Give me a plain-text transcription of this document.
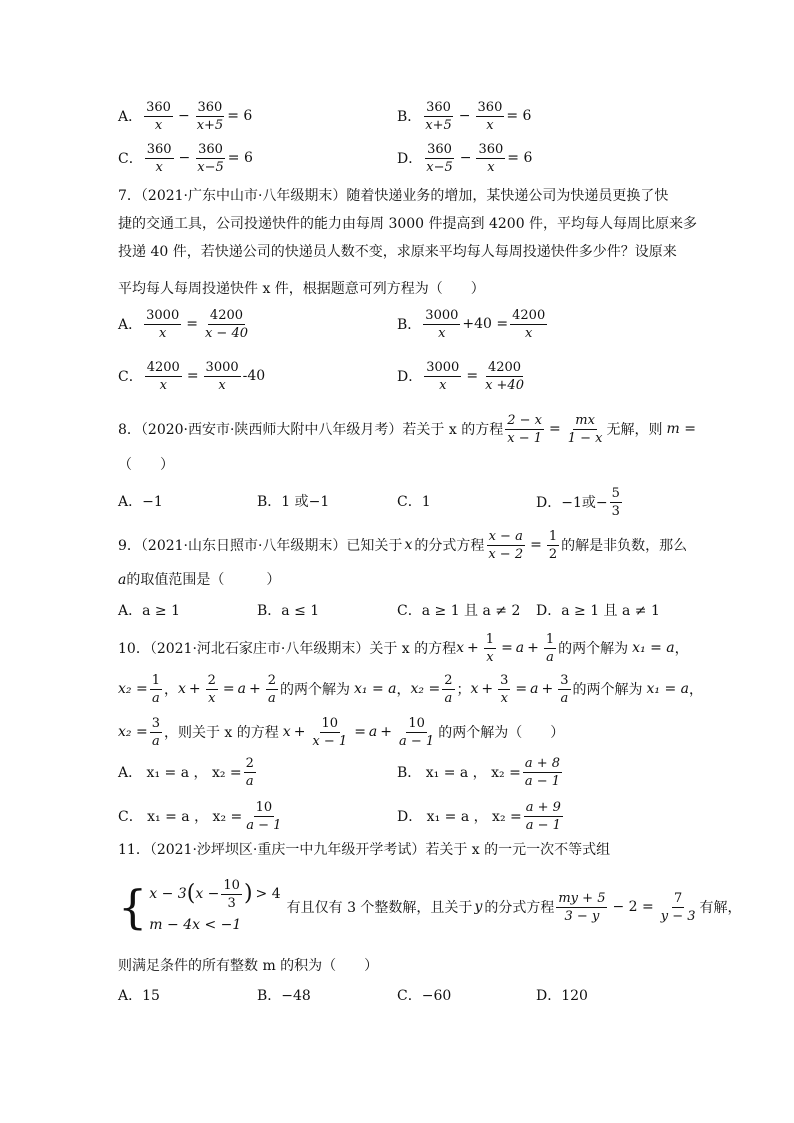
A． $\frac{360}{x} - \frac{360}{x+5} = 6$	B． $\frac{360}{x+5} - \frac{360}{x} = 6$
C． $\frac{360}{x} - \frac{360}{x-5} = 6$	D． $\frac{360}{x-5} - \frac{360}{x} = 6$
7．（2021·广东中山市·八年级期末）随着快递业务的增加，某快递公司为快递员更换了快
捷的交通工具，公司投递快件的能力由每周 3000 件提高到 4200 件，平均每人每周比原来多
投递 40 件，若快递公司的快递员人数不变，求原来平均每人每周投递快件多少件？设原来
平均每人每周投递快件 x 件，根据题意可列方程为（　　）
A． $\frac{3000}{x} = \frac{4200}{x - 40}$	B． $\frac{3000}{x} +40 = \frac{4200}{x}$
C． $\frac{4200}{x} = \frac{3000}{x} -40$	D． $\frac{3000}{x} = \frac{4200}{x +40}$
8．（2020·西安市·陕西师大附中八年级月考）若关于 x 的方程 $\frac{2 - x}{x - 1} = \frac{mx}{1 - x}$ 无解，则 m =
（　　）
A．−1	B．1 或−1	C．1	D．−1或− $\frac{5}{3}$
9．（2021·山东日照市·八年级期末）已知关于 x 的分式方程 $\frac{x - a}{x - 2} = \frac{1}{2}$ 的解是非负数，那么
a的取值范围是（　　　）
A．a ≥ 1	B．a ≤ 1	C．a ≥ 1 且 a ≠ 2 D．a ≥ 1 且 a ≠ 1
10．（2021·河北石家庄市·八年级期末）关于 x 的方程 $x + \frac{1}{x} = a + \frac{1}{a}$ 的两个解为 x₁ = a ，
$x_2 = \frac{1}{a}$ ， $x + \frac{2}{x} = a + \frac{2}{a}$ 的两个解为 x₁ = a ， $x_2 = \frac{2}{a}$ ； $x + \frac{3}{x} = a + \frac{3}{a}$ 的两个解为 x₁ = a ，
$x_2 = \frac{3}{a}$ ，则关于 x 的方程 $x + \frac{10}{x - 1} = a + \frac{10}{a - 1}$ 的两个解为（　　）
A． x₁ = a ， $x_2 = \frac{2}{a}$	B． x₁ = a ， $x_2 = \frac{a + 8}{a - 1}$
C． x₁ = a ， $x_2 = \frac{10}{a - 1}$	D． x₁ = a ， $x_2 = \frac{a + 9}{a - 1}$
11．（2021·沙坪坝区·重庆一中九年级开学考试）若关于 x 的一元一次不等式组
{ x − 3 ( $x - \frac{10}{3}$ ) > 4
m − 4x < −1
有且仅有 3 个整数解，且关于 y 的分式方程 $\frac{my + 5}{3 - y} - 2 = \frac{7}{y - 3}$ 有解，
则满足条件的所有整数 m 的积为（　　）
A．15	B．−48	C．−60	D．120
